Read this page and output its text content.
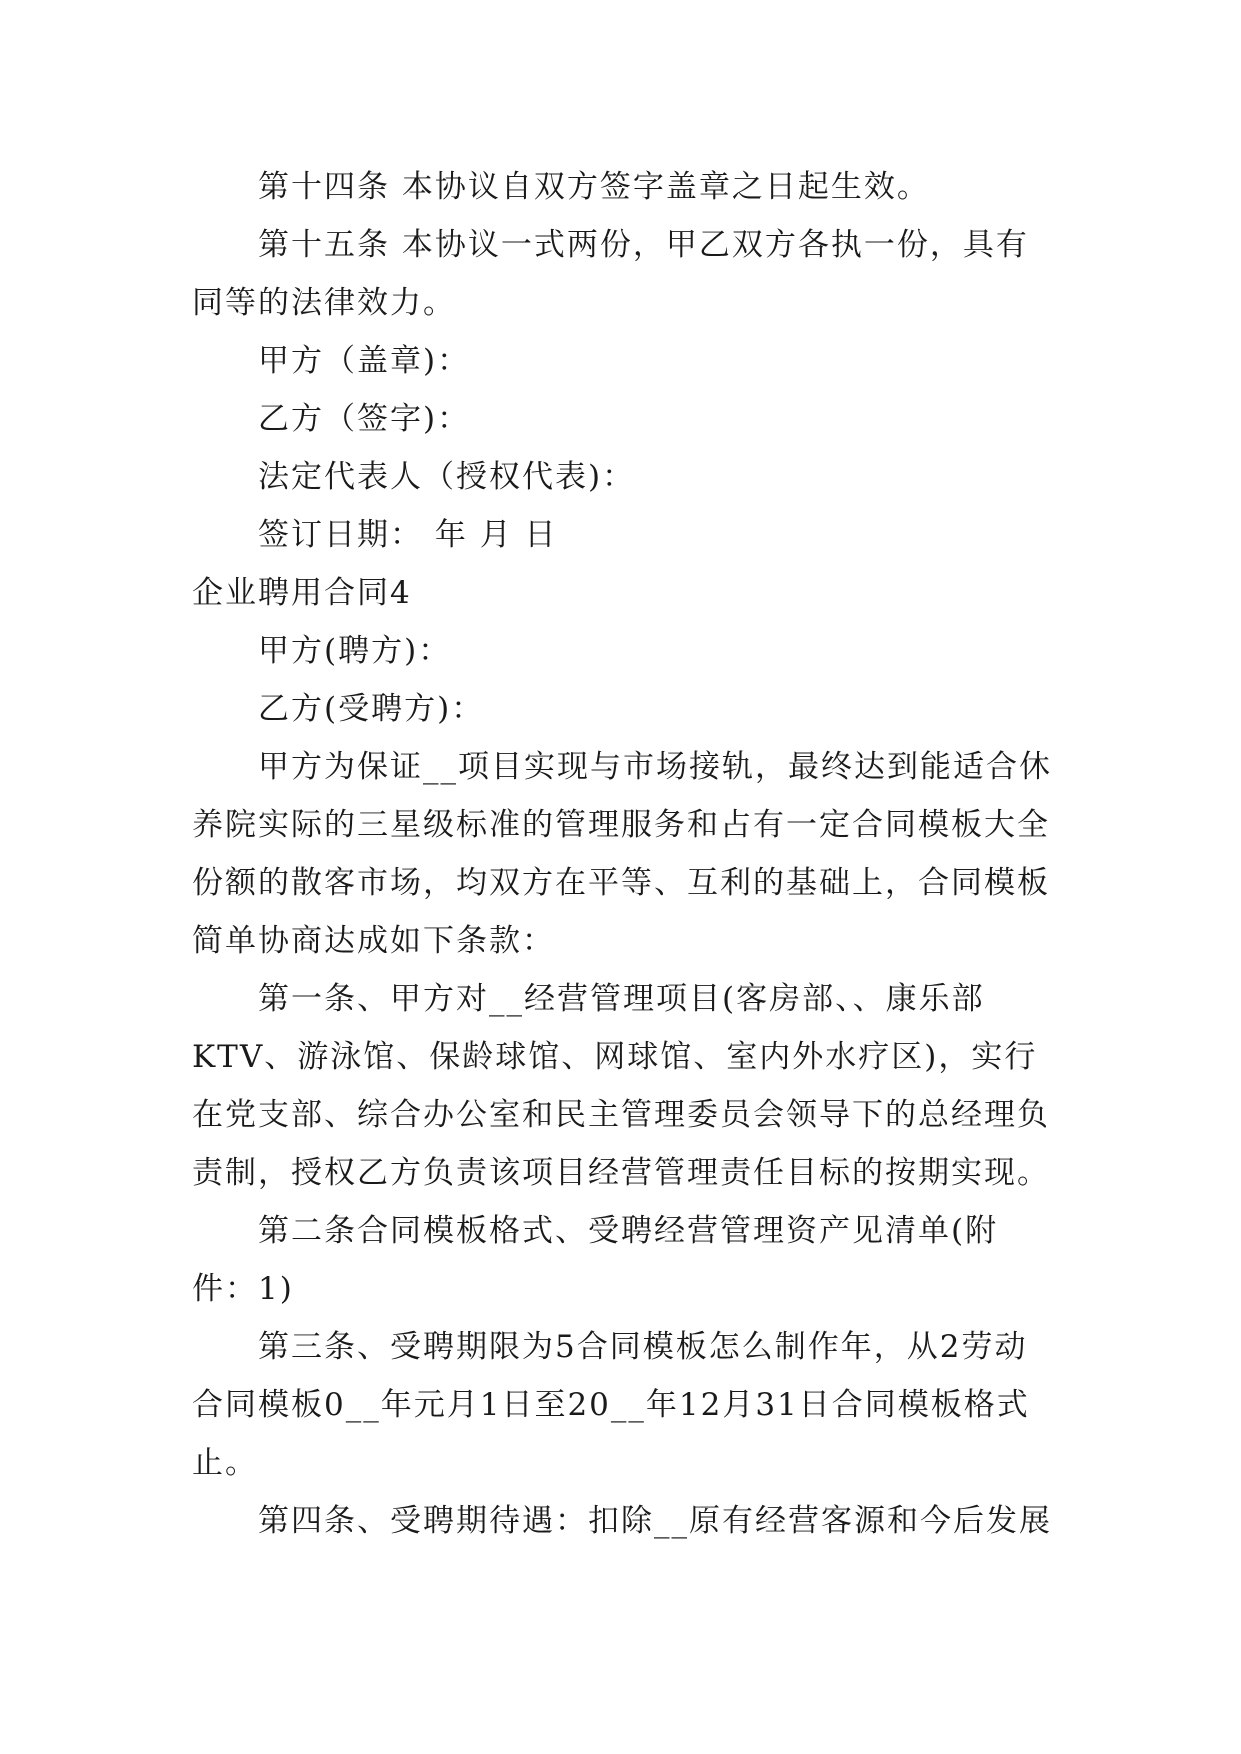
第十四条 本协议自双方签字盖章之日起生效。

第十五条 本协议一式两份，甲乙双方各执一份，具有同等的法律效力。

甲方（盖章)：

乙方（签字)：

法定代表人（授权代表)：

签订日期： 年 月 日

企业聘用合同4

甲方(聘方)：

乙方(受聘方)：

甲方为保证__项目实现与市场接轨，最终达到能适合休养院实际的三星级标准的管理服务和占有一定合同模板大全份额的散客市场，均双方在平等、互利的基础上，合同模板简单协商达成如下条款：

第一条、甲方对__经营管理项目(客房部、、康乐部KTV、游泳馆、保龄球馆、网球馆、室内外水疗区)，实行在党支部、综合办公室和民主管理委员会领导下的总经理负责制，授权乙方负责该项目经营管理责任目标的按期实现。

第二条合同模板格式、受聘经营管理资产见清单(附件：1)

第三条、受聘期限为5合同模板怎么制作年，从2劳动合同模板0__年元月1日至20__年12月31日合同模板格式止。

第四条、受聘期待遇：扣除__原有经营客源和今后发展
